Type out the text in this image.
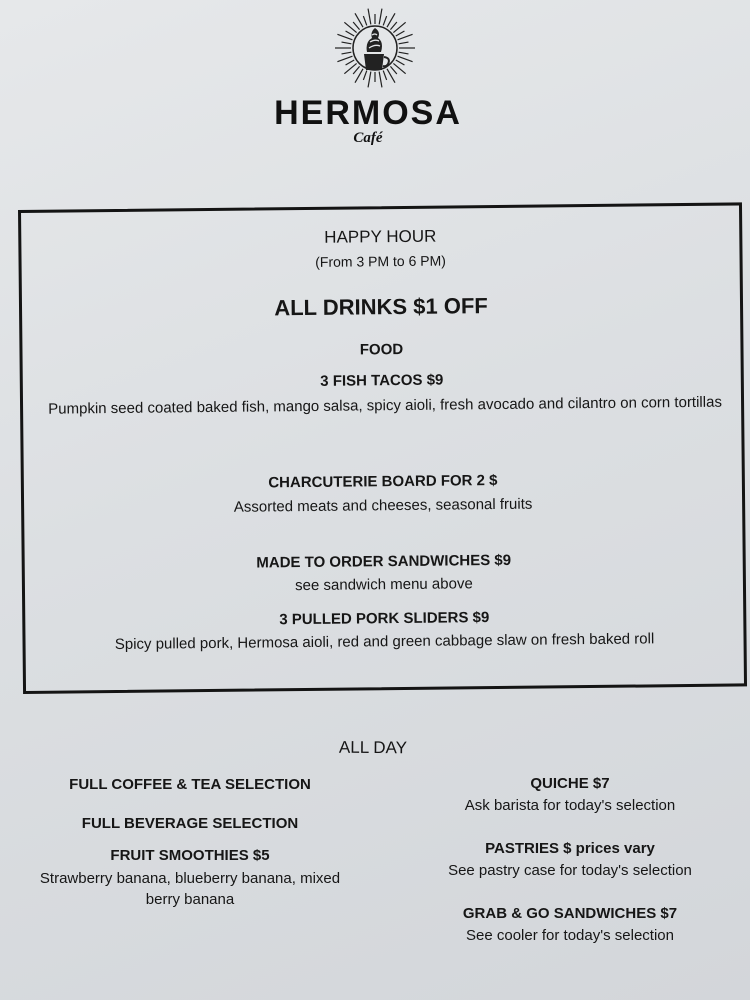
HERMOSA
Café
HAPPY HOUR
(From 3 PM to 6 PM)
ALL DRINKS $1 OFF
FOOD
3 FISH TACOS $9
Pumpkin seed coated baked fish, mango salsa, spicy aioli, fresh avocado and cilantro on corn tortillas
CHARCUTERIE BOARD FOR 2 $
Assorted meats and cheeses, seasonal fruits
MADE TO ORDER SANDWICHES $9
see sandwich menu above
3 PULLED PORK SLIDERS $9
Spicy pulled pork, Hermosa aioli, red and green cabbage slaw on fresh baked roll
ALL DAY
FULL COFFEE & TEA SELECTION
FULL BEVERAGE SELECTION
FRUIT SMOOTHIES $5
Strawberry banana, blueberry banana, mixed berry banana
QUICHE $7
Ask barista for today's selection
PASTRIES $ prices vary
See pastry case for today's selection
GRAB & GO SANDWICHES $7
See cooler for today's selection
